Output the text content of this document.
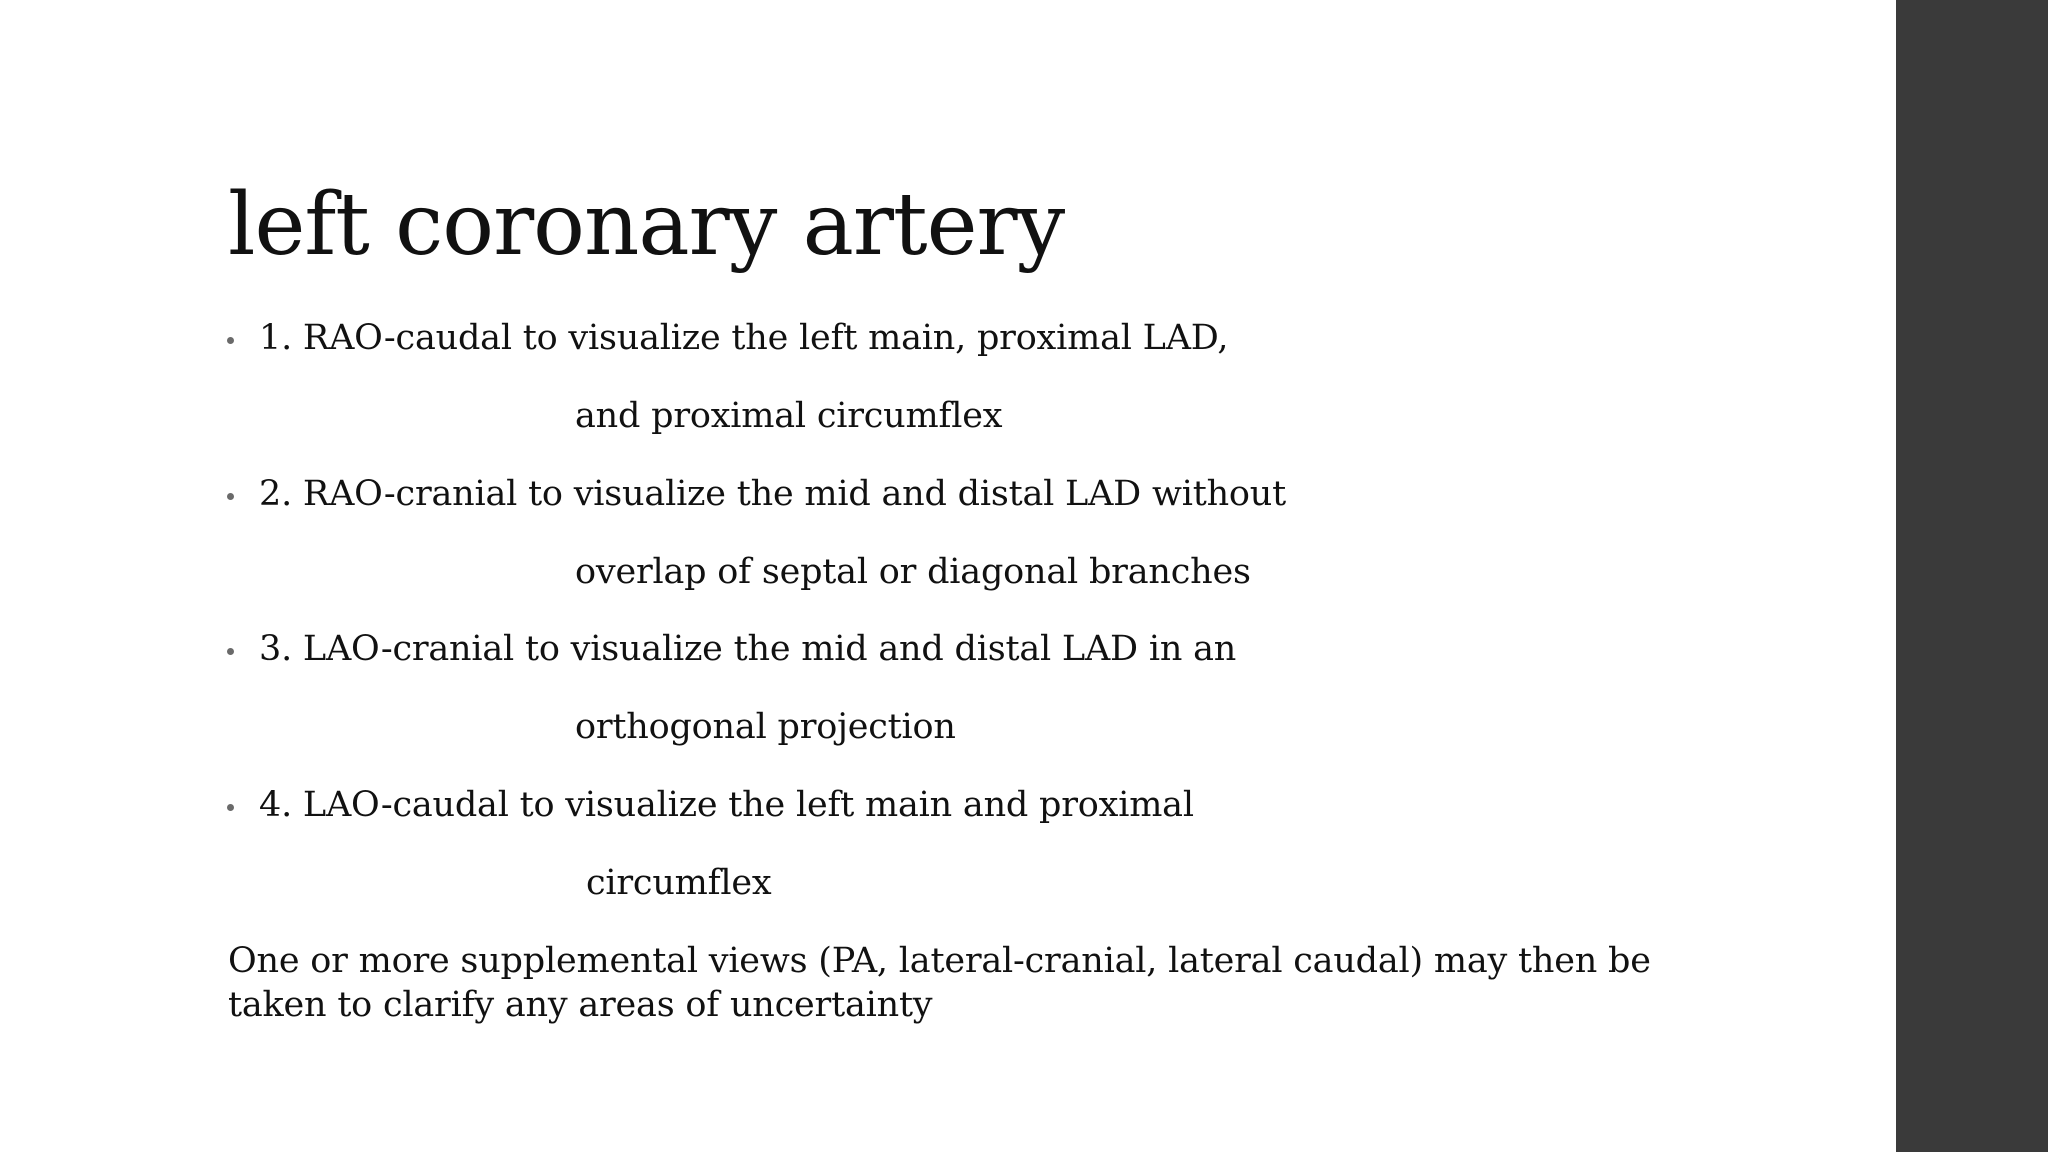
left coronary artery

1. RAO-caudal to visualize the left main, proximal LAD,

and proximal circumflex

2. RAO-cranial to visualize the mid and distal LAD without

overlap of septal or diagonal branches

3. LAO-cranial to visualize the mid and distal LAD in an

orthogonal projection

4. LAO-caudal to visualize the left main and proximal

circumflex

One or more supplemental views (PA, lateral-cranial, lateral caudal) may then be taken to clarify any areas of uncertainty
